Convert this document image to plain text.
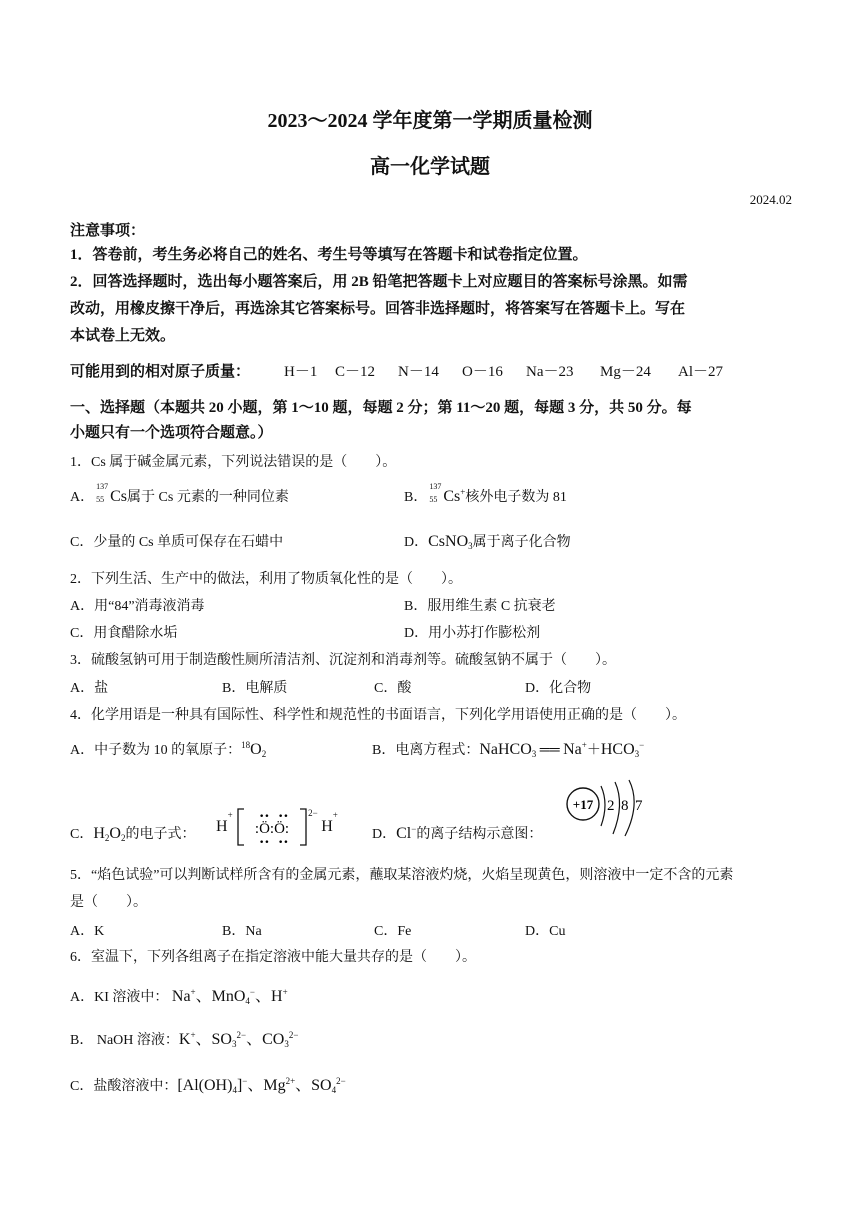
2023～2024 学年度第一学期质量检测
高一化学试题
2024.02
注意事项：
1．答卷前，考生务必将自己的姓名、考生号等填写在答题卡和试卷指定位置。
2．回答选择题时，选出每小题答案后，用 2B 铅笔把答题卡上对应题目的答案标号涂黑。如需
改动，用橡皮擦干净后，再选涂其它答案标号。回答非选择题时，将答案写在答题卡上。写在
本试卷上无效。
可能用到的相对原子质量： H－1 C－12 N－14 O－16 Na－23 Mg－24 Al－27
一、选择题（本题共 20 小题，第 1～10 题，每题 2 分；第 11～20 题，每题 3 分，共 50 分。每
小题只有一个选项符合题意。）
1．Cs 属于碱金属元素，下列说法错误的是（　　）。
A．
137
55 Cs属于 Cs 元素的一种同位素	B．
137
55 Cs+核外电子数为 81
C．少量的 Cs 单质可保存在石蜡中	D．CsNO$_3$属于离子化合物
2．下列生活、生产中的做法，利用了物质氧化性的是（　　）。
A．用“84”消毒液消毒	B．服用维生素 C 抗衰老
C．用食醋除水垢	D．用小苏打作膨松剂
3．硫酸氢钠可用于制造酸性厕所清洁剂、沉淀剂和消毒剂等。硫酸氢钠不属于（　　）。
A．盐	B．电解质	C．酸	D．化合物
4．化学用语是一种具有国际性、科学性和规范性的书面语言，下列化学用语使用正确的是（　　）。
A．中子数为 10 的氧原子：$^{18}O_2$	B．电离方程式：NaHCO$_3$ ══ $Na^++HCO_3^-$
C．$H_2O_2$的电子式： H+
:Ö:Ö:
•• ••
•• ••
$^{2-}$ H+
D．Cl−的离子结构示意图：
+17 2 8 7
5．“焰色试验”可以判断试样所含有的金属元素，蘸取某溶液灼烧，火焰呈现黄色，则溶液中一定不含的元素
是（　　）。
A．K	B．Na	C．Fe	D．Cu
6．室温下，下列各组离子在指定溶液中能大量共存的是（　　）。
A．KI 溶液中： Na+、MnO$_4$−、H+
B． NaOH 溶液：K+、$SO_3^{2-}$、$CO_3^{2-}$
C．盐酸溶液中：$[Al(OH)_4]^-$、$Mg^{2+}$、$SO_4^{2-}$
